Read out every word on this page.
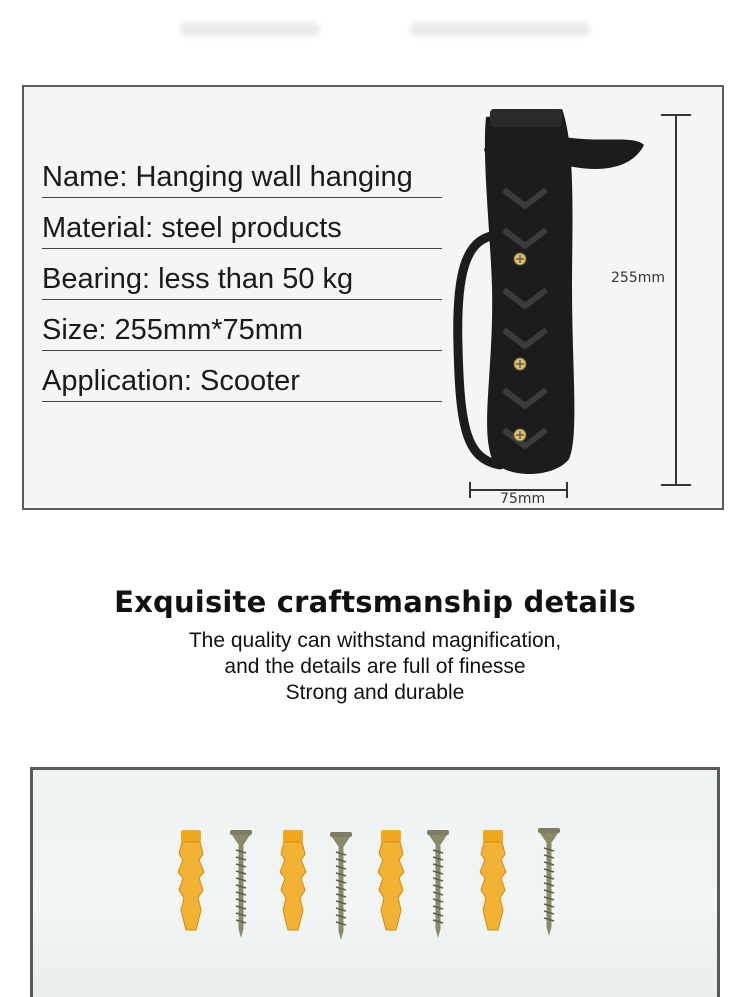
Name: Hanging wall hanging
Material: steel products
Bearing: less than 50 kg
Size: 255mm*75mm
Application: Scooter
255mm
75mm
Exquisite craftsmanship details
The quality can withstand magnification,
and the details are full of finesse
Strong and durable
